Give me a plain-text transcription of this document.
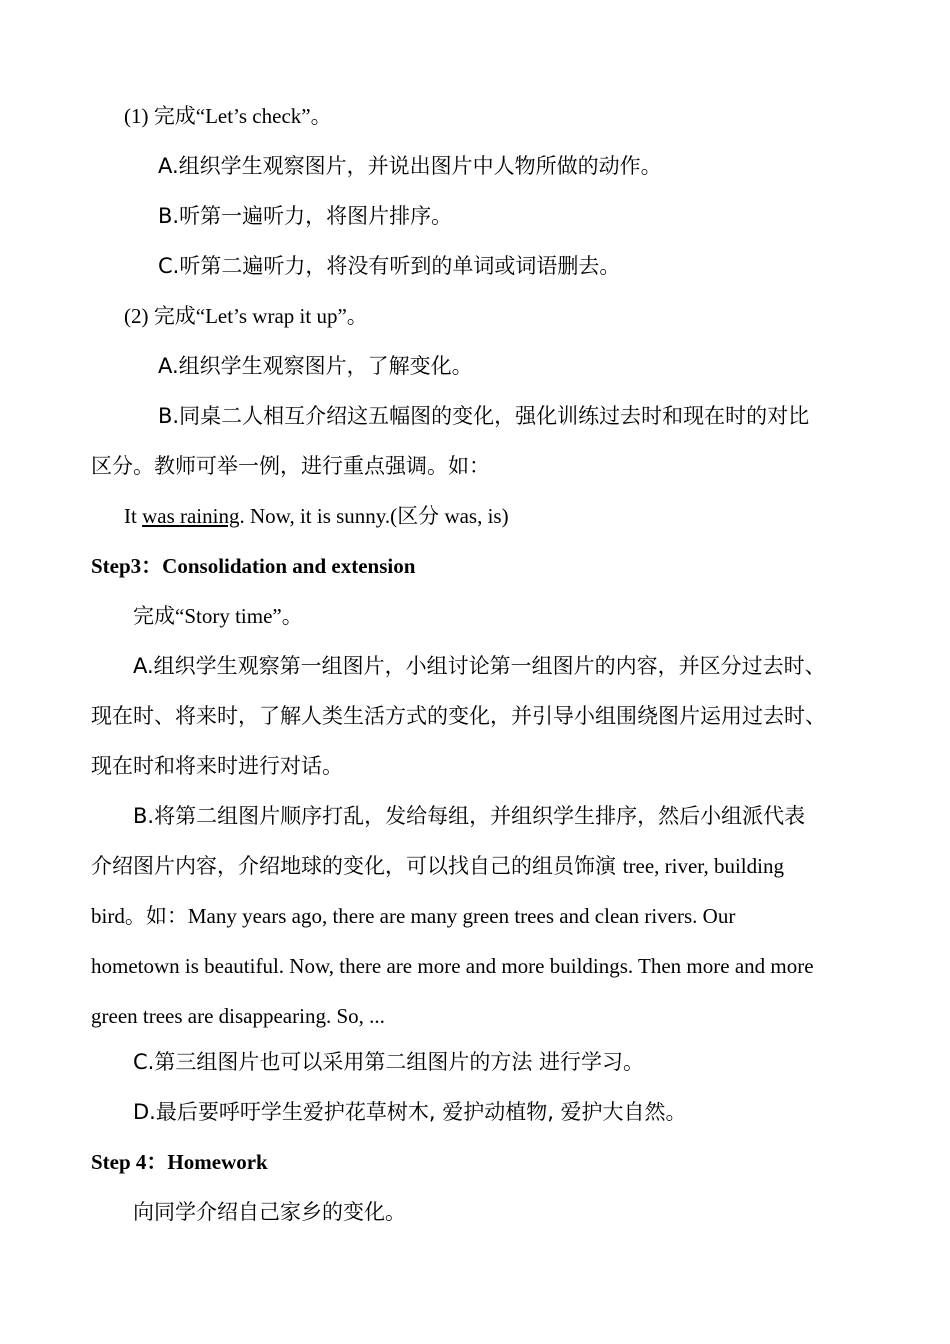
(1) 完成“Let’s check”。
A.组织学生观察图片，并说出图片中人物所做的动作。
B.听第一遍听力，将图片排序。
C.听第二遍听力，将没有听到的单词或词语删去。
(2) 完成“Let’s wrap it up”。
A.组织学生观察图片，了解变化。
B.同桌二人相互介绍这五幅图的变化，强化训练过去时和现在时的对比
区分。教师可举一例，进行重点强调。如：
It was raining. Now, it is sunny.(区分 was, is)
Step3：Consolidation and extension
完成“Story time”。
A.组织学生观察第一组图片，小组讨论第一组图片的内容，并区分过去时、
现在时、将来时，了解人类生活方式的变化，并引导小组围绕图片运用过去时、
现在时和将来时进行对话。
B.将第二组图片顺序打乱，发给每组，并组织学生排序，然后小组派代表
介绍图片内容，介绍地球的变化，可以找自己的组员饰演 tree, river, building
bird。如：Many years ago, there are many green trees and clean rivers. Our
hometown is beautiful. Now, there are more and more buildings. Then more and more
green trees are disappearing. So, ...
C.第三组图片也可以采用第二组图片的方法 进行学习。
D.最后要呼吁学生爱护花草树木, 爱护动植物, 爱护大自然。
Step 4：Homework
向同学介绍自己家乡的变化。
